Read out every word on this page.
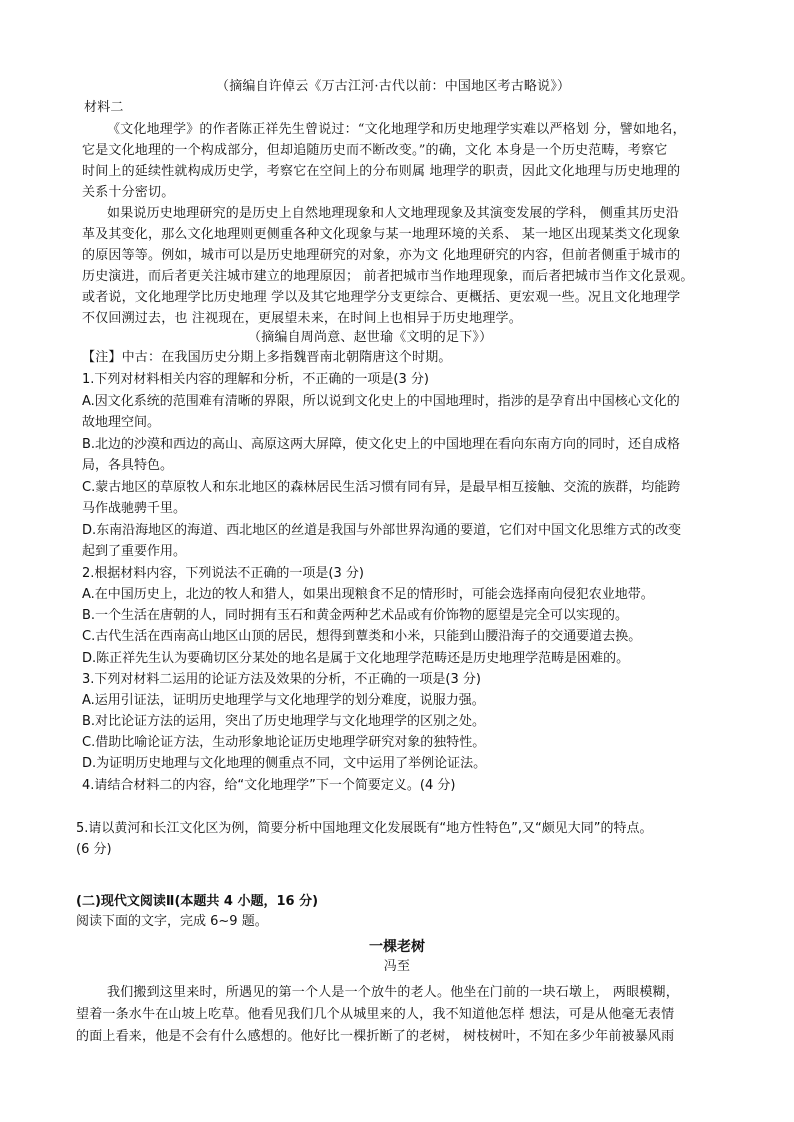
（摘编自许倬云《万古江河·古代以前：中国地区考古略说》）
材料二
《文化地理学》的作者陈正祥先生曾说过：“文化地理学和历史地理学实难以严格划 分，譬如地名，
它是文化地理的一个构成部分，但却追随历史而不断改变。”的确，文化 本身是一个历史范畴，考察它
时间上的延续性就构成历史学，考察它在空间上的分布则属 地理学的职责，因此文化地理与历史地理的
关系十分密切。
如果说历史地理研究的是历史上自然地理现象和人文地理现象及其演变发展的学科， 侧重其历史沿
革及其变化，那么文化地理则更侧重各种文化现象与某一地理环境的关系、 某一地区出现某类文化现象
的原因等等。例如，城市可以是历史地理研究的对象，亦为文 化地理研究的内容，但前者侧重于城市的
历史演进，而后者更关注城市建立的地理原因； 前者把城市当作地理现象，而后者把城市当作文化景观。
或者说，文化地理学比历史地理 学以及其它地理学分支更综合、更概括、更宏观一些。况且文化地理学
不仅回溯过去，也 注视现在，更展望未来，在时间上也相异于历史地理学。
（摘编自周尚意、赵世瑜《文明的足下》）
【注】中古：在我国历史分期上多指魏晋南北朝隋唐这个时期。
1.下列对材料相关内容的理解和分析，不正确的一项是(3 分)
A.因文化系统的范围难有清晰的界限，所以说到文化史上的中国地理时，指涉的是孕育出中国核心文化的
故地理空间。
B.北边的沙漠和西边的高山、高原这两大屏障，使文化史上的中国地理在看向东南方向的同时，还自成格
局，各具特色。
C.蒙古地区的草原牧人和东北地区的森林居民生活习惯有同有异，是最早相互接触、交流的族群，均能跨
马作战驰骋千里。
D.东南沿海地区的海道、西北地区的丝道是我国与外部世界沟通的要道，它们对中国文化思维方式的改变
起到了重要作用。
2.根据材料内容，下列说法不正确的一项是(3 分)
A.在中国历史上，北边的牧人和猎人，如果出现粮食不足的情形时，可能会选择南向侵犯农业地带。
B.一个生活在唐朝的人，同时拥有玉石和黄金两种艺术品或有价饰物的愿望是完全可以实现的。
C.古代生活在西南高山地区山顶的居民，想得到蕈类和小米，只能到山腰沿海子的交通要道去换。
D.陈正祥先生认为要确切区分某处的地名是属于文化地理学范畴还是历史地理学范畴是困难的。
3.下列对材料二运用的论证方法及效果的分析，不正确的一项是(3 分)
A.运用引证法，证明历史地理学与文化地理学的划分难度，说服力强。
B.对比论证方法的运用，突出了历史地理学与文化地理学的区别之处。
C.借助比喻论证方法，生动形象地论证历史地理学研究对象的独特性。
D.为证明历史地理与文化地理的侧重点不同，文中运用了举例论证法。
4.请结合材料二的内容，给“文化地理学”下一个简要定义。(4 分)
5.请以黄河和长江文化区为例，简要分析中国地理文化发展既有“地方性特色”,又“颇见大同”的特点。
(6 分)
(二)现代文阅读Ⅱ(本题共 4 小题，16 分)
阅读下面的文字，完成 6~9 题。
一棵老树
冯至
我们搬到这里来时，所遇见的第一个人是一个放牛的老人。他坐在门前的一块石墩上， 两眼模糊，
望着一条水牛在山坡上吃草。他看见我们几个从城里来的人，我不知道他怎样 想法，可是从他毫无表情
的面上看来，他是不会有什么感想的。他好比一棵折断了的老树， 树枝树叶，不知在多少年前被暴风雨
